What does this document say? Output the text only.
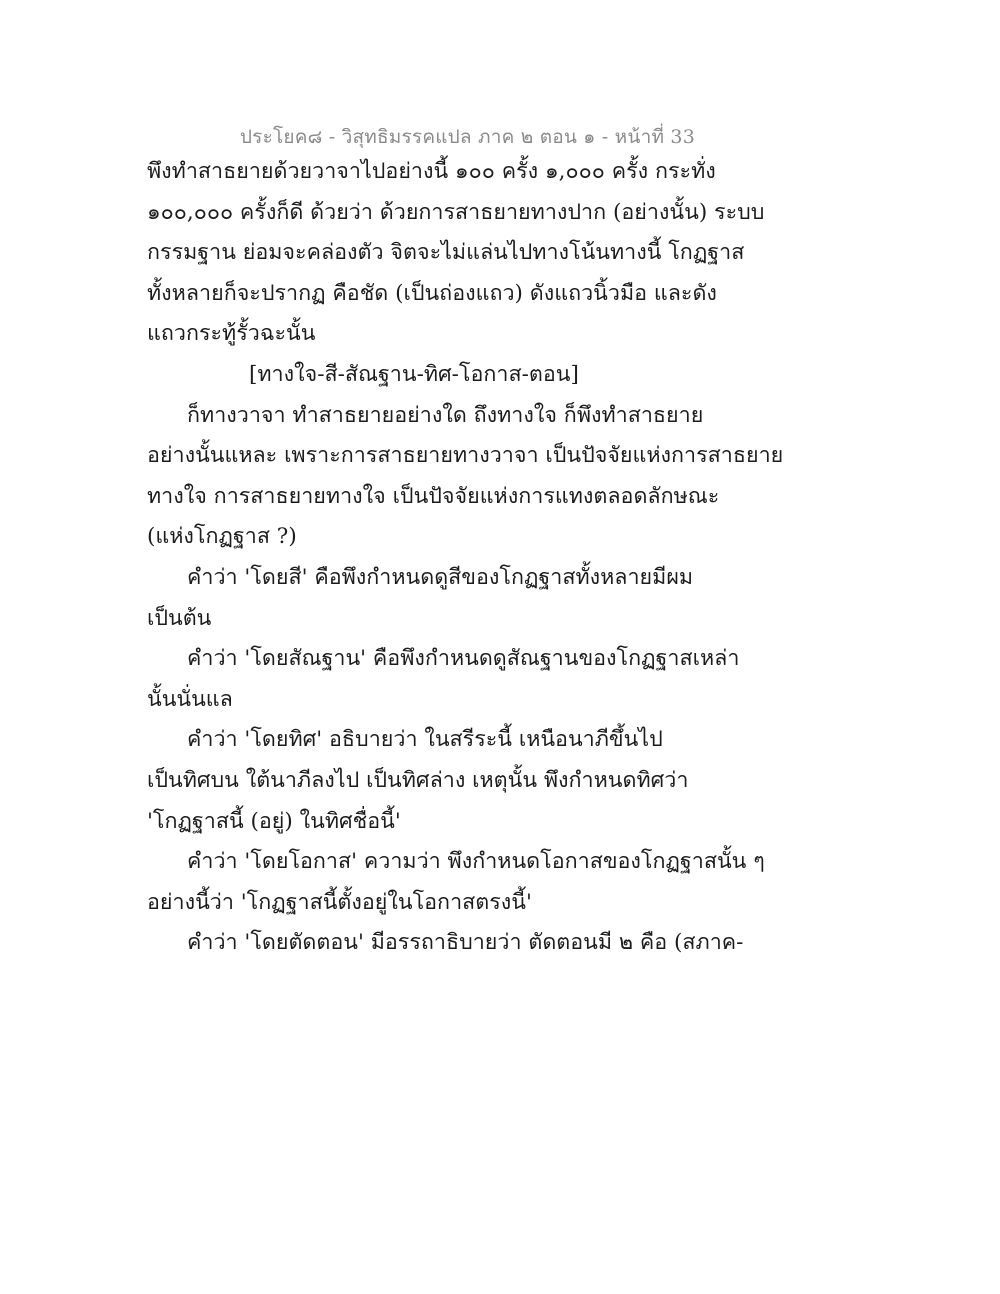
ประโยค๘ - วิสุทธิมรรคแปล ภาค ๒ ตอน ๑ - หน้าที่ 33
พึงทำสาธยายด้วยวาจาไปอย่างนี้ ๑๐๐ ครั้ง ๑,๐๐๐ ครั้ง กระทั่ง
๑๐๐,๐๐๐ ครั้งก็ดี ด้วยว่า ด้วยการสาธยายทางปาก (อย่างนั้น) ระบบ
กรรมฐาน ย่อมจะคล่องตัว จิตจะไม่แล่นไปทางโน้นทางนี้ โกฏฐาส
ทั้งหลายก็จะปรากฏ คือชัด (เป็นถ่องแถว) ดังแถวนิ้วมือ และดัง
แถวกระทู้รั้วฉะนั้น
[ทางใจ-สี-สัณฐาน-ทิศ-โอกาส-ตอน]
ก็ทางวาจา ทำสาธยายอย่างใด ถึงทางใจ ก็พึงทำสาธยาย
อย่างนั้นแหละ เพราะการสาธยายทางวาจา เป็นปัจจัยแห่งการสาธยาย
ทางใจ การสาธยายทางใจ เป็นปัจจัยแห่งการแทงตลอดลักษณะ
(แห่งโกฏฐาส ?)
คำว่า 'โดยสี' คือพึงกำหนดดูสีของโกฏฐาสทั้งหลายมีผม
เป็นต้น
คำว่า 'โดยสัณฐาน' คือพึงกำหนดดูสัณฐานของโกฏฐาสเหล่า
นั้นนั่นแล
คำว่า 'โดยทิศ' อธิบายว่า ในสรีระนี้ เหนือนาภีขึ้นไป
เป็นทิศบน ใต้นาภีลงไป เป็นทิศล่าง เหตุนั้น พึงกำหนดทิศว่า
'โกฏฐาสนี้ (อยู่) ในทิศชื่อนี้'
คำว่า 'โดยโอกาส' ความว่า พึงกำหนดโอกาสของโกฏฐาสนั้น ๆ
อย่างนี้ว่า 'โกฏฐาสนี้ตั้งอยู่ในโอกาสตรงนี้'
คำว่า 'โดยตัดตอน' มีอรรถาธิบายว่า ตัดตอนมี ๒ คือ (สภาค-
